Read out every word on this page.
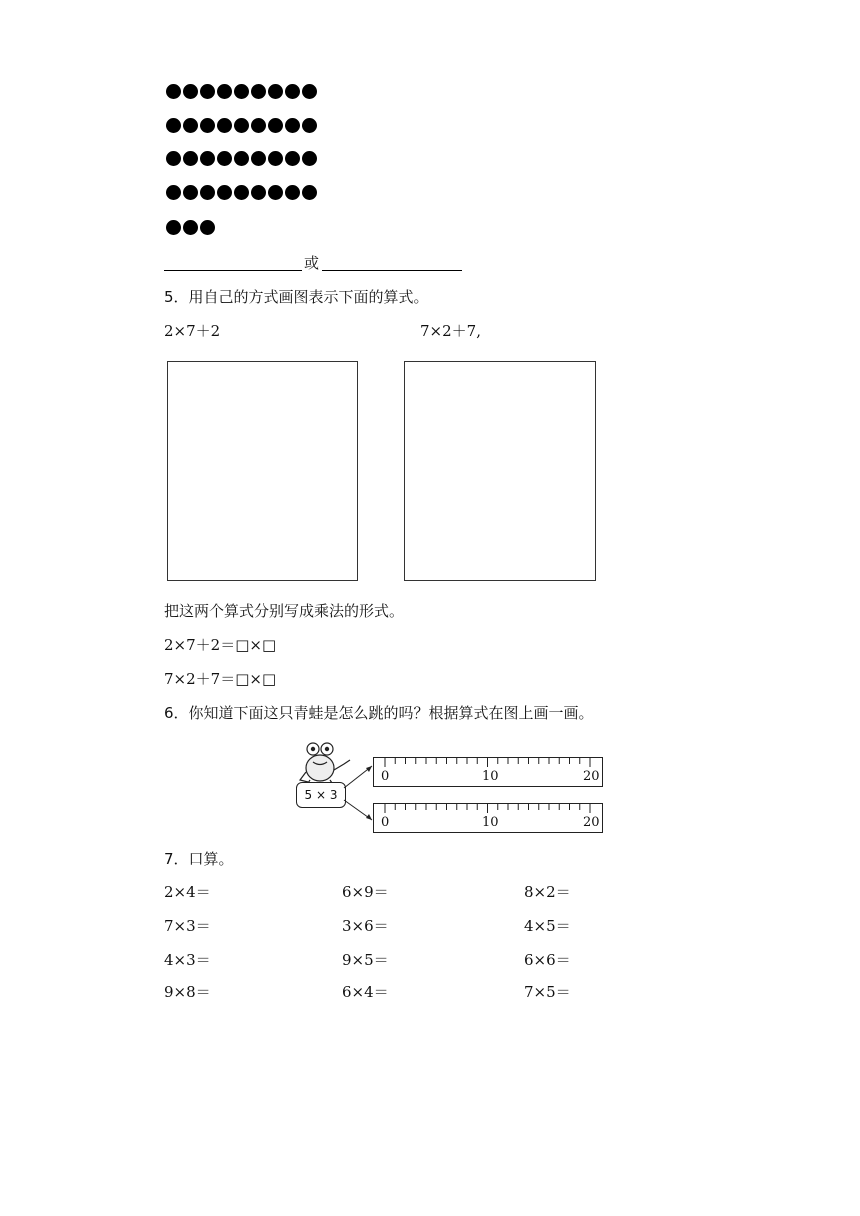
或
5．用自己的方式画图表示下面的算式。
2×7＋2	7×2＋7,
把这两个算式分别写成乘法的形式。
2×7＋2＝□×□
7×2＋7＝□×□
6．你知道下面这只青蛙是怎么跳的吗？根据算式在图上画一画。
5 × 3
0	10	20
0	10	20
7．口算。
2×4＝	6×9＝	8×2＝
7×3＝	3×6＝	4×5＝
4×3＝	9×5＝	6×6＝
9×8＝	6×4＝	7×5＝
